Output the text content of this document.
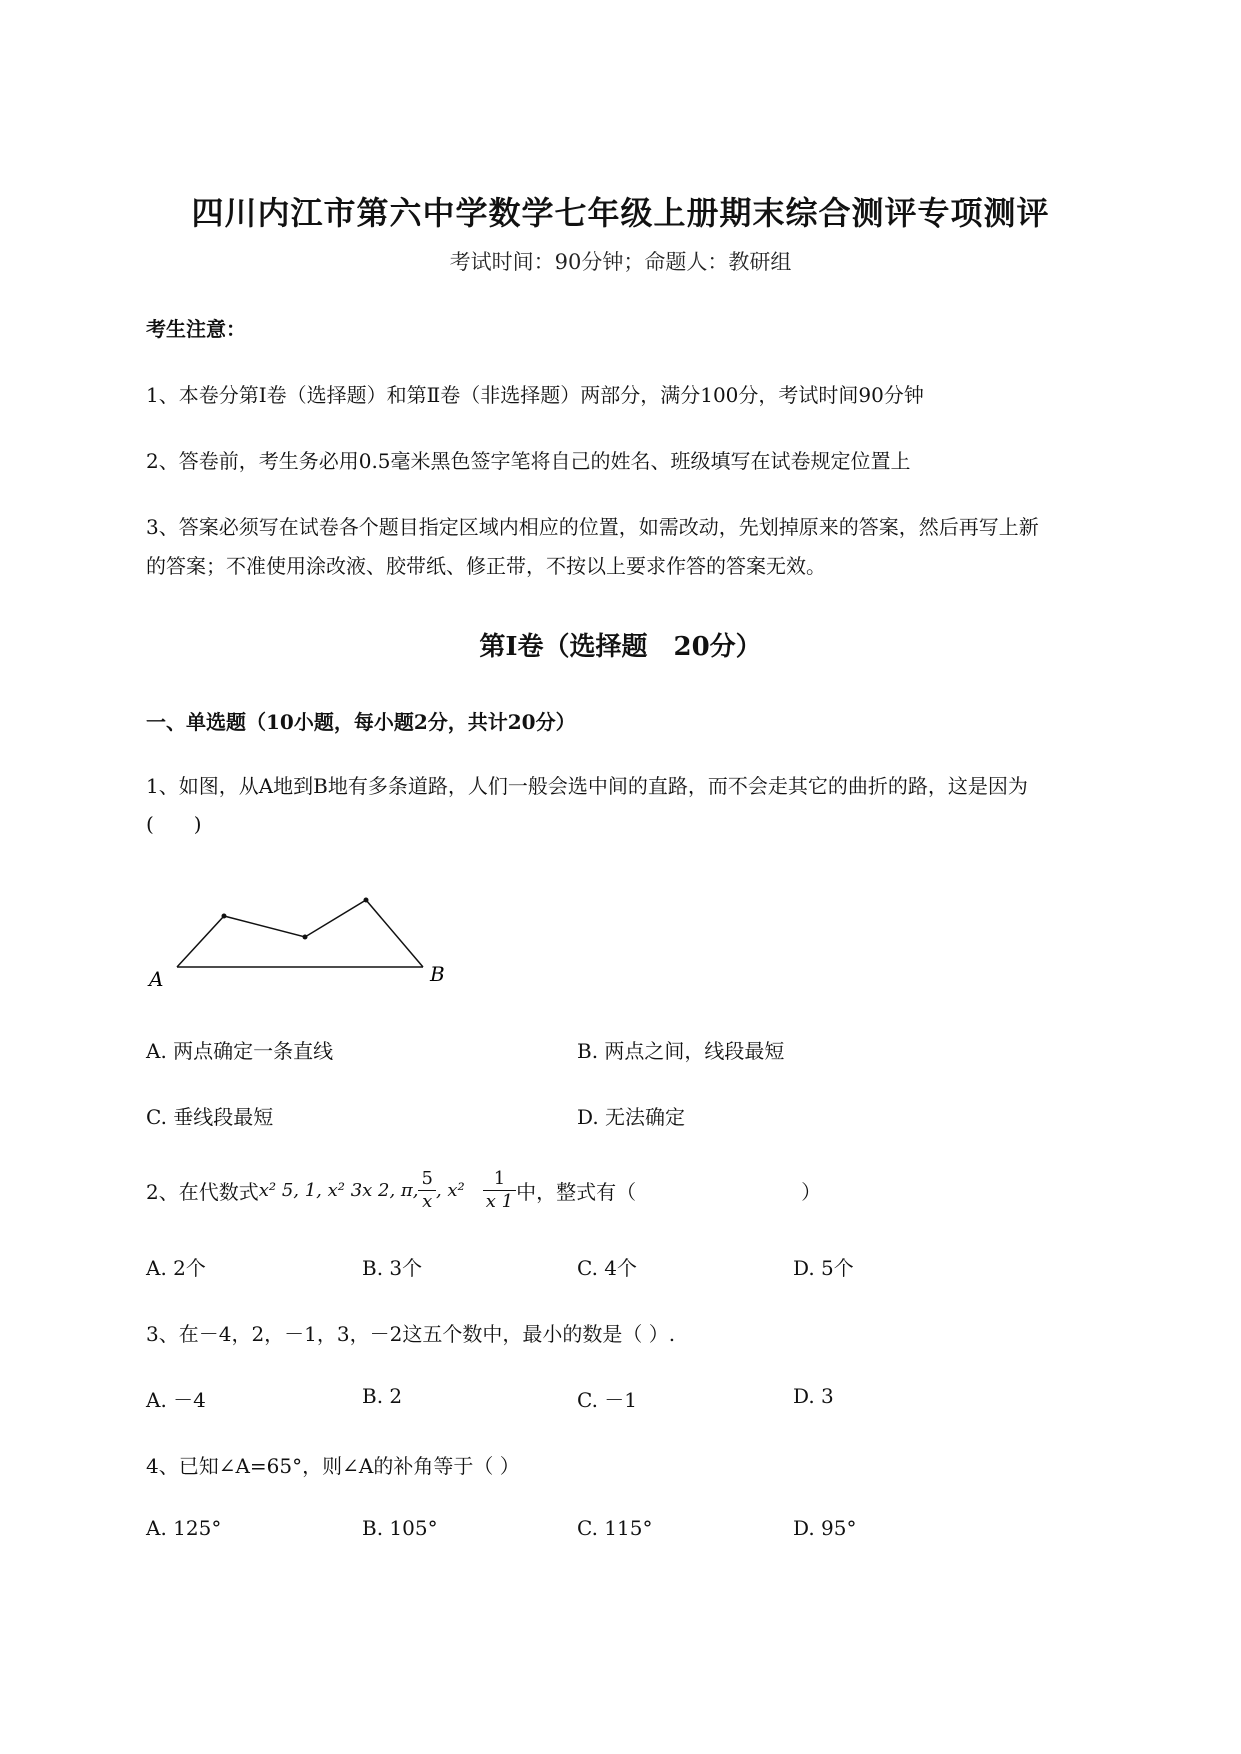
四川内江市第六中学数学七年级上册期末综合测评专项测评
考试时间：90分钟；命题人：教研组
考生注意：
1、本卷分第I卷（选择题）和第Ⅱ卷（非选择题）两部分，满分100分，考试时间90分钟
2、答卷前，考生务必用0.5毫米黑色签字笔将自己的姓名、班级填写在试卷规定位置上
3、答案必须写在试卷各个题目指定区域内相应的位置，如需改动，先划掉原来的答案，然后再写上新
的答案；不准使用涂改液、胶带纸、修正带，不按以上要求作答的答案无效。
第I卷（选择题　20分）
一、单选题（10小题，每小题2分，共计20分）
1、如图，从A地到B地有多条道路，人们一般会选中间的直路，而不会走其它的曲折的路，这是因为
(　　)
A	B
A. 两点确定一条直线	B. 两点之间，线段最短
C. 垂线段最短	D. 无法确定
2、在代数式 x² 5, 1, x² 3x 2, π, $\frac{5}{x}$ , $x^2 \frac{1}{x 1}$ 中，整式有（	）
A. 2个	B. 3个	C. 4个	D. 5个
3、在－4，2，－1，3，－2这五个数中，最小的数是（ ）.
A. －4	B. 2	C. －1	D. 3
4、已知∠A=65°，则∠A的补角等于（ ）
A. 125°	B. 105°	C. 115°	D. 95°
